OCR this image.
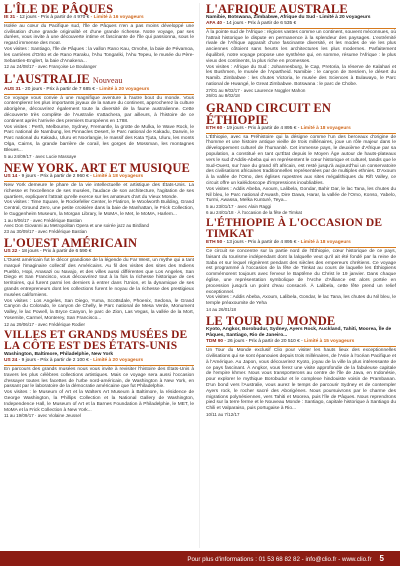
L'ÎLE DE PÂQUES
IE 31 - 12 jours - Prix à partir de 4 970 € - Limité à 16 voyageurs
Isolée au cœur du Pacifique sud, l'Île de Pâques n'en a pas moins développé une civilisation d'une grande originalité et d'une grande richesse. Notre voyage, par ses durées, vous invite à une découverte intime et fascinante de l'île qui passionna, sous le regard immense des moaï.
Vos visites : Santiago, l'Île de Pâques : la vallon Rano Kau, Orvohe, la baie de Pévamoa, les carrières d'Orito et de Rano Raraku, l'Ahu Tongariki, l'Ahu Tepeu, le musée du Père-Sebastien-Englert, la baie d'Anakena...
12 au 24/08/17 · avec Françoise Le Boulanger
L'AUSTRALIE Nouveau
AUS 31 - 20 jours - Prix à partir de 7 685 € - Limité à 20 voyageurs
Ce voyage vous convie à une magnifique aventure à l'autre bout du monde. Vous contemplerez les plus importants joyaux de la nature du continent, approcherez la culture aborigène, découvrirez également toute la diversité de la faune australienne. Cette découverte très complète de l'Australie s'attachera, par ailleurs, à l'histoire de ce continent après l'arrivée des premiers Européens en 1788.
Vos visites : Perth, Melbourne, Sydney, Fremantle, la grotte de Mulka, le Wave Rock, le Parc national de Nambung, les Pinnacles Desert, le Parc national de Kakadu, Darwin, le Parc national du Kakadu, Uluru et Noorlangie, le massif des Kata Tjuta, Uluru, les monts Olga, Cairns, la grande barrière de corail, les gorges de Mossman, les montagnes Bleues...
5 au 24/09/17 · avec Lucie Massaye
NEW YORK. ART ET MUSIQUE
US 14 - 9 jours - Prix à partir de 2 960 € - Limité à 18 voyageurs
New York demeure le phare de la vie intellectuelle et artistique des États-Unis. La richesse et l'excellence de ses musées, l'audace de son architecture, l'agitation de ses quartiers, expliquent l'attrait qu'elle exerce sur les amateurs d'art du Vieux Monde.
Vos visites : Time Square, le Rockefeller Center, le Flatiron, le Woolworth Building, Grand Central, Ground Zero, une petite croisière dans la baie de Manhattan, le Frick Collection, le Guggenheim Museum, la Morgan Library, le MoMA, le Met, le MoMA, Harlem...
1 au 9/06/17 · avec Frédérique Bastian
Avec Don Giovanni au Metropolitan Opera et une soirée jazz au Birdland
23 au 30/09/17 · avec Frédérique Bastian
L'OUEST AMÉRICAIN
US 22 - 18 jours - Prix à partir de 6 590 €
L'Ouest américain fut le décor grandiose de la légende du Far West, un mythe qui a tant marqué l'imaginaire collectif des Américains. Au fil des visites des sites des Indiens Pueblo, Hopi, Anasazi ou Navajo, et des villes aussi différentes que Los Angeles, San Diego et San Francisco, vous découvrirez tout à la fois la richesse historique de ces territoires, qui furent parmi les derniers à entrer dans l'Union, et la dynamique de ses grands entrepreneurs dont les collections furent le noyau de la richesse des prestigieux musées californiens.
Vos visites : Los Angeles, San Diego, Yuma, Scottsdale, Phoenix, Sedona, le Grand Canyon du Colorado, le canyon de Chelly, le Parc national de Mesa Verde, Monument Valley, le lac Powell, la Bryce Canyon, le parc de Zion, Las Vegas, la vallée de la Mort, Yosemite, Carmel, Monterey, San Francisco...
12 au 29/06/17 · avec Frédérique Rodier
VILLES ET GRANDS MUSÉES DE LA CÔTE EST DES ÉTATS-UNIS
Washington, Baltimore, Philadelphie, New York
US 24 - 9 jours - Prix à partir de 2 100 € - Limité à 20 voyageurs
En parcours des grands musées nous vous invite à revisiter l'histoire des États-Unis à travers les plus célèbres collections artistiques. Mais ce voyage sera aussi l'occasion d'essayer toutes les facettes de l'urbe nord-américain, de Washington à New York, en passant par le laboratoire de la démocratie américaine que fut Philadelphie.
Vos visites : le Museum of Art et la Walters Art Museum à Baltimore, la résidence de George Washington, la Phillips Collection et la National Gallery de Washington, Independence Hall, le Museum of Art et la Barnes Foundation à Philadelphie, le MET, le MoMA et la Frick Collection à New York...
11 au 19/09/17 · avec Violaine Jeussel
L'AFRIQUE AUSTRALE
Namibie, Botswana, Zimbabwe, Afrique du Sud - Limité à 20 voyageurs
AFA 40 - 14 jours - Prix à partir de 6 535 €
À la pointe sud de l'Afrique : régions vastes comme un continent, souvent méconnues, où l'attrait historique le dispute en permanence à la splendeur des paysages. L'extrémité rivale de l'Afrique apparaît d'une fascinante diversité, et les modes de vie les plus anciennes côtoient sans heurts les architectures les plus modernes. Parfaitement équilibré, notre voyage propose une synthèse qui, en somme, résume l'Afrique : le plus vieux des continents, la plus riche en promesses.
Vos visites : Afrique du Sud : Johannesburg, le Cap, Pretoria, la réserve de Kalahari et les Bushmen, le musée de l'Apartheid. Namibie : le canyon de Sesriem, le désert du Namib. Zimbabwe : les chutes Victoria, le musée des Sciences à Bulawayo, le Parc national de Hwangé, le Great Zimbabwe. Botswana : le parc de Chobe.
27/01 au 9/02/17 · avec Laurence Noggler Mahon
26/01 au 8/02/18
GRAND CIRCUIT EN ÉTHIOPIE
ETH 60 - 19 jours - Prix à partir de 4 895 € - Limité à 18 voyageurs
L'Éthiopie, avec sa Préhistoire qui la désigne comme l'un des berceaux d'origine de l'homme et une histoire antique vieille de trois millénaires, joue un rôle majeur dans le développement culturel de l'humanité. Cet immense pays, le deuxième d'Afrique par sa population, a constitué en tant qu'État depuis le Moyen Âge autour de hauts-plateaux vers le sud d'Addis-Abeba qui en représentent le cœur historique et culturel, tandis que le Sud-Ouest, sur l'axe du grand rift africain, est resté jusqu'à aujourd'hui un conservatoire des civilisations africaines traditionnelles représentées par de multiples ethnies. D'Axoum à la vallée de l'Omo, des églises rupestres aux sites mégalithiques du Rift Valley, ce circuit offre un kaléidoscope d'impressions inoubliables.
Vos visites : Addis Abeba, Axoum, Lalibela, Gondar, Bahir Dar, le lac Tana, les chutes du Nil bleu, le Parc national d'Awash, Dire Dawa, Harar, la vallée de l'Omo, Konso, Yabelo, Turmi, Awassa, Melka Kunturé, Teya...
5 au 23/01/17 · avec Alain Raggi
6 au 24/01/18 · À l'occasion de la fête de Timkat
L'ÉTHIOPIE À L'OCCASION DE TIMKAT
ETH 50 - 13 jours - Prix à partir de 4 895 € - Limité à 18 voyageurs
Ce circuit se concentre sur la partie nord de l'Éthiopie, cœur historique de ce pays, faisant du tourisme indépendant dont la lalquelle veut qu'il ait été fondé par la reine de Saba et sur lequel régnèrent pendant des siècles des empereurs chrétiens. Ce voyage est programmé à l'occasion de la fête de Timkat au cours de laquelle les Éthiopiens commémorent toujours avec ferveur le Baptême du Christ le 19 janvier. Dans chaque église, une représentation symbolique de l'Arche d'Alliance est alors portée en procession jusqu'à un point d'eau consacré. À Lalibela, cette fête prend un relief exceptionnel.
Vos visites : Addis Abeba, Axoum, Lalibela, Gondar, le lac Tana, les chutes du Nil bleu, le temple préaxoumite de Yeha
14 au 26/01/18
LE TOUR DU MONDE
Kyoto, Angkor, Borobudur, Sydney, Ayers Rock, Auckland, Tahiti, Moorea, Île de Pâques, Santiago, Rio de Janeiro...
TDM 90 - 26 jours - Prix à partir de 20 510 € - Limité à 15 voyageurs
Un Tour du Monde exclusif Clio pour visiter les hauts lieux des exceptionnelles civilisations qui se sont épanouies depuis trois millénaires, de l'Asie à l'océan Pacifique et à l'Amérique. Au Japon, vous découvrirez Kyoto, joyau de la ville la plus intéressante de ce pays fascinant. À Angkor, vous ferez une visite approfondie de la fabuleuse capitale de l'empire khmer. Nous vous transporterons au centre de l'île de Java, en Indonésie, pour explorer le mythique Borobudur et le complexe hindouiste voisin de Prambanan. D'un bond vers l'Australie, vous aurez le temps de parcourir Sydney et de contempler Ayers rock, le rocher sacré des Aborigènes. Nous poursuivrons par le charme des migrations polynésiennes, vers Tahiti et Moorea, puis l'Île de Pâques. Nous reprendrons pied sur la terre ferme et le Nouveau Monde : Santiago, capitale historique à Santiago du Chili et Valparaiso, puis portugaise à Rio...
10/11 au 7/12/17
Pour plus d'informations : 01 53 68 82 82 - info@clio.fr - www.clio.fr 5
